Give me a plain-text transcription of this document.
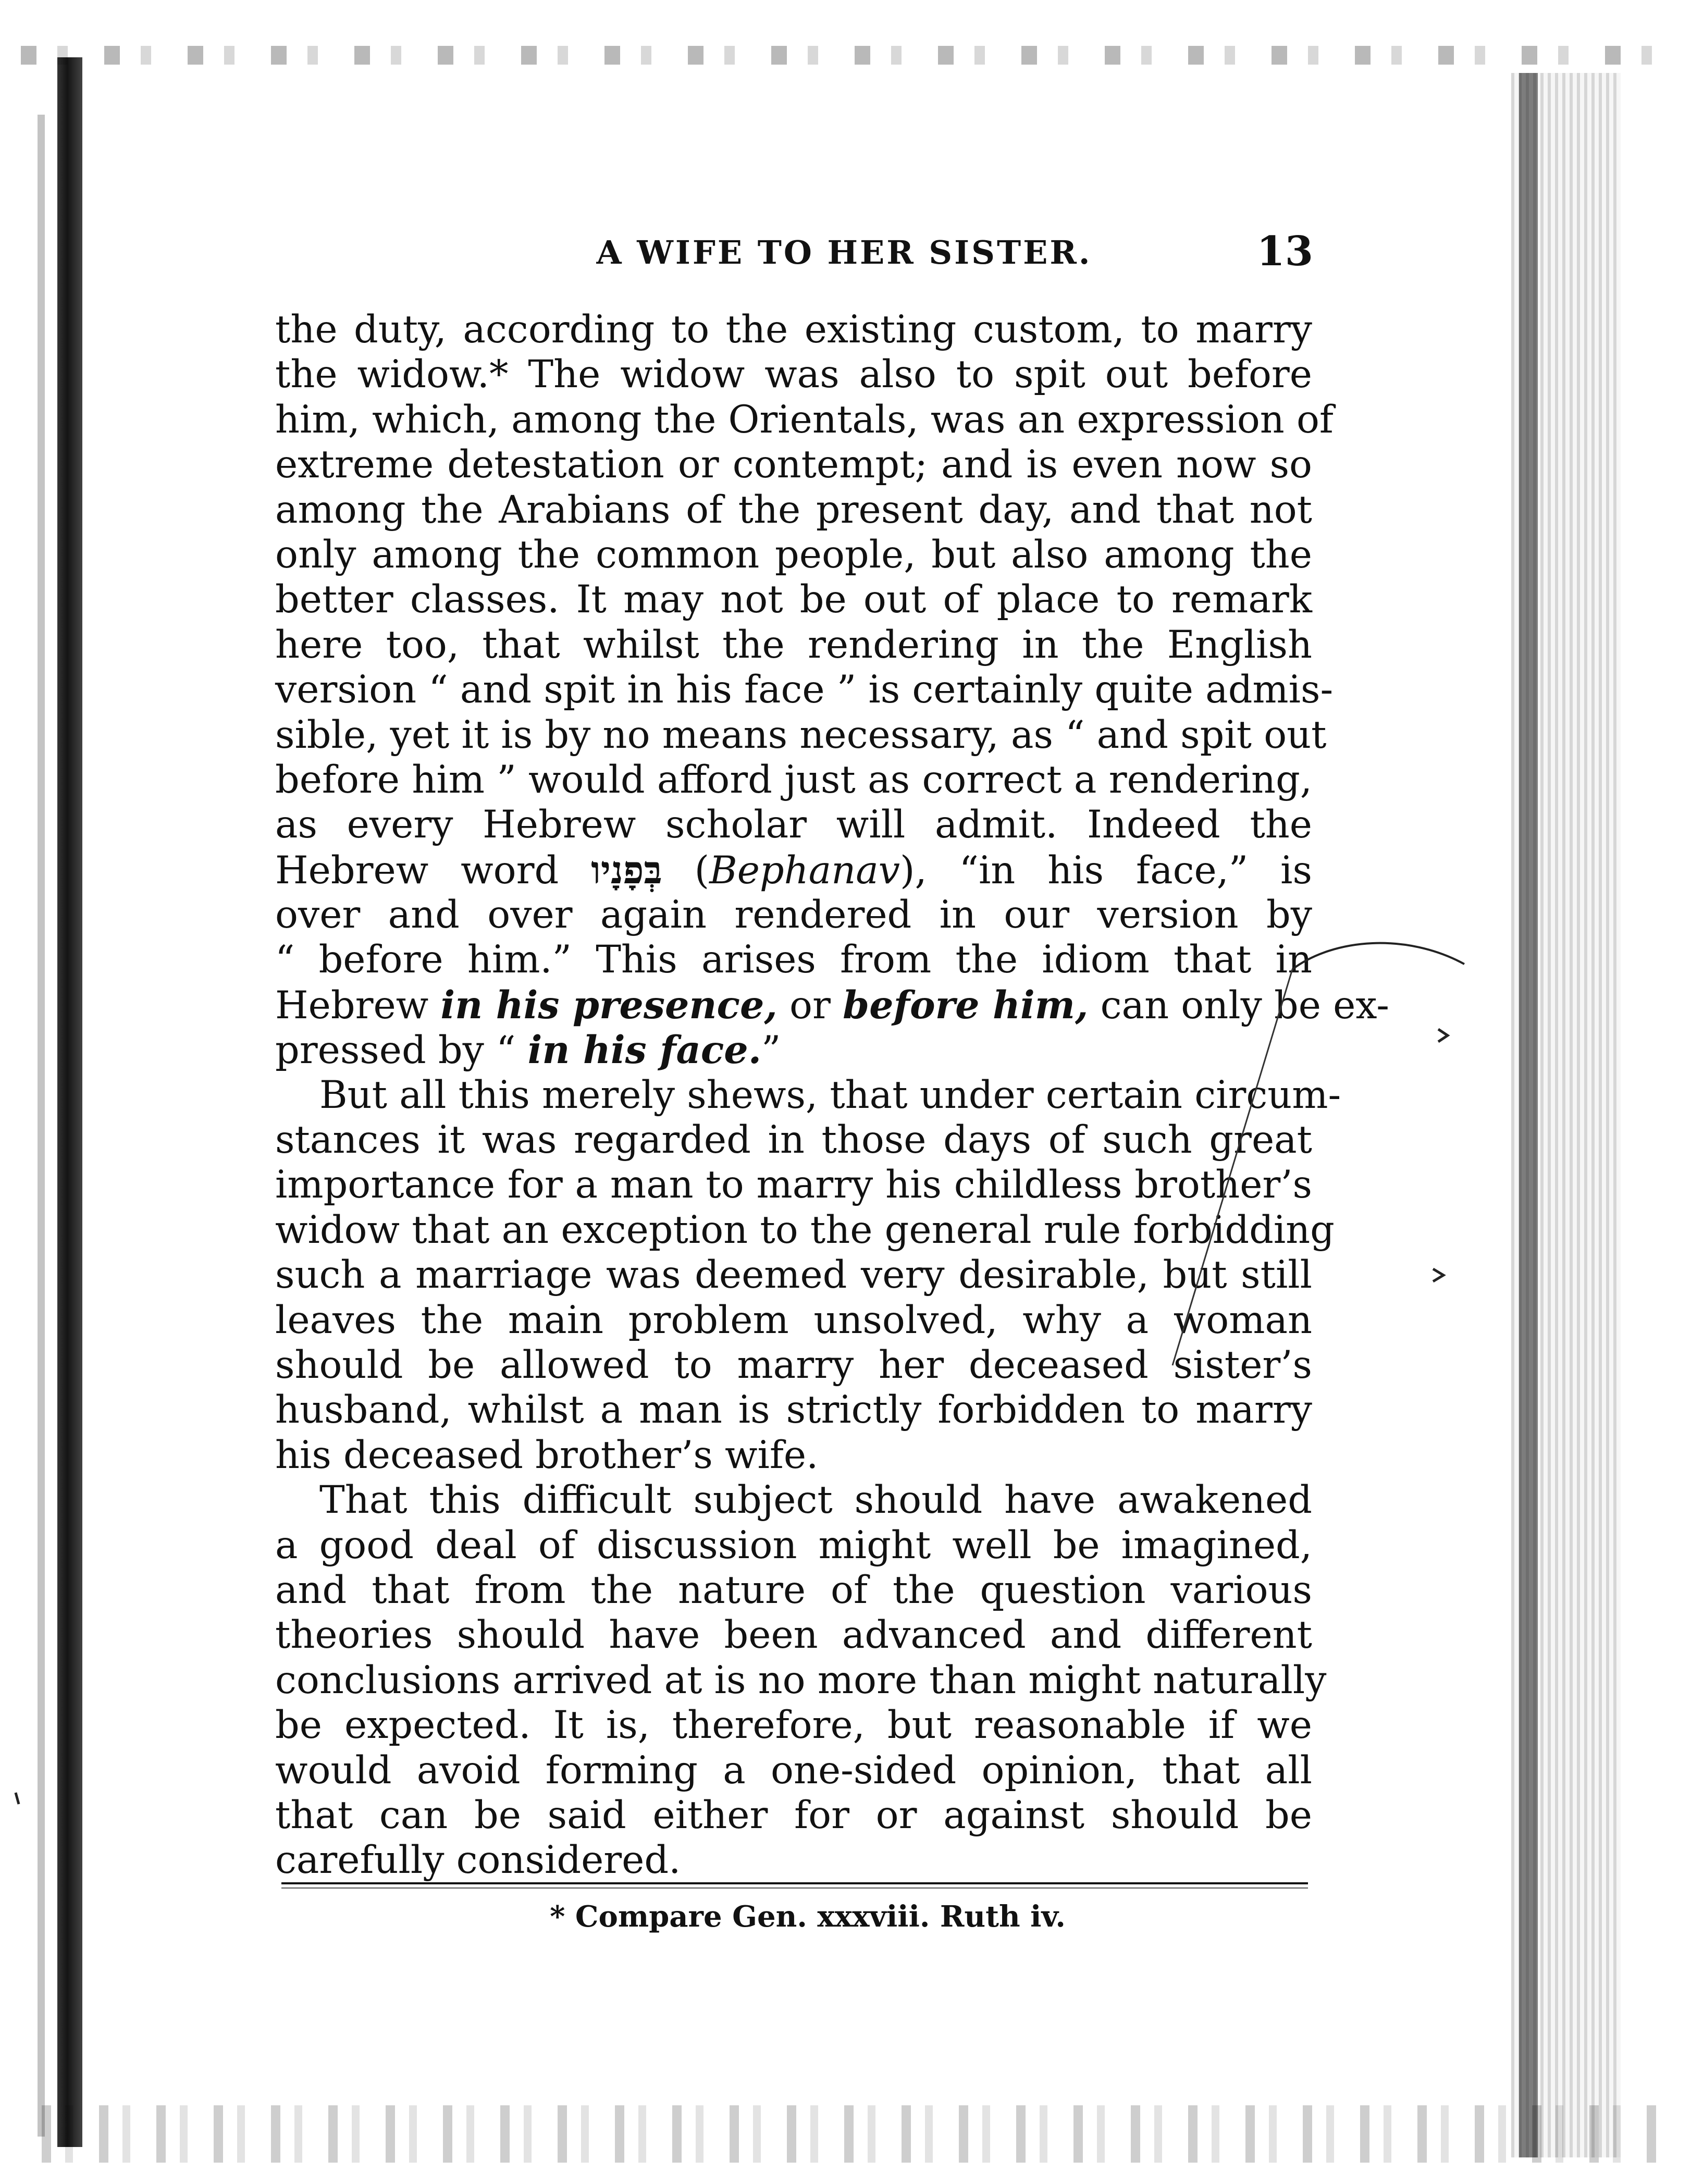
A WIFE TO HER SISTER.	13
the duty, according to the existing custom, to marry
the widow.* The widow was also to spit out before
him, which, among the Orientals, was an expression of
extreme detestation or contempt; and is even now so
among the Arabians of the present day, and that not
only among the common people, but also among the
better classes. It may not be out of place to remark
here too, that whilst the rendering in the English
version “ and spit in his face ” is certainly quite admis-
sible, yet it is by no means necessary, as “ and spit out
before him ” would afford just as correct a rendering,
as every Hebrew scholar will admit. Indeed the
Hebrew word בְּפָנָיו (Bephanav), “in his face,” is
over and over again rendered in our version by
“ before him.” This arises from the idiom that in
Hebrew in his presence, or before him, can only be ex-
pressed by “ in his face.”
But all this merely shews, that under certain circum-
stances it was regarded in those days of such great
importance for a man to marry his childless brother’s
widow that an exception to the general rule forbidding
such a marriage was deemed very desirable, but still
leaves the main problem unsolved, why a woman
should be allowed to marry her deceased sister’s
husband, whilst a man is strictly forbidden to marry
his deceased brother’s wife.
That this difficult subject should have awakened
a good deal of discussion might well be imagined,
and that from the nature of the question various
theories should have been advanced and different
conclusions arrived at is no more than might naturally
be expected. It is, therefore, but reasonable if we
would avoid forming a one-sided opinion, that all
that can be said either for or against should be
carefully considered.
* Compare Gen. xxxviii. Ruth iv.
